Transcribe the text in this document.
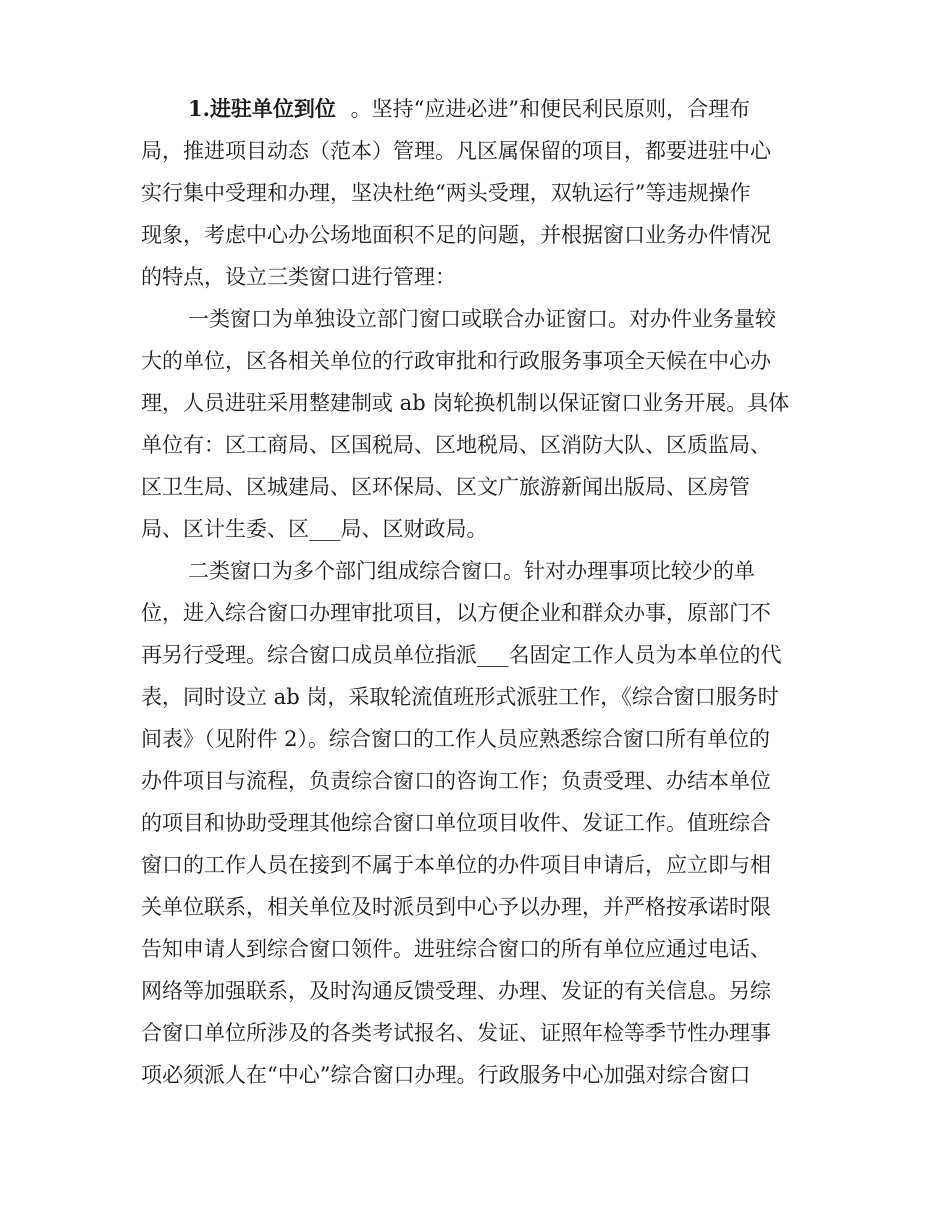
1.进驻单位到位 。坚持“应进必进”和便民利民原则，合理布
局，推进项目动态（范本）管理。凡区属保留的项目，都要进驻中心
实行集中受理和办理，坚决杜绝“两头受理，双轨运行”等违规操作
现象，考虑中心办公场地面积不足的问题，并根据窗口业务办件情况
的特点，设立三类窗口进行管理：
一类窗口为单独设立部门窗口或联合办证窗口。对办件业务量较
大的单位，区各相关单位的行政审批和行政服务事项全天候在中心办
理，人员进驻采用整建制或 ab 岗轮换机制以保证窗口业务开展。具体
单位有：区工商局、区国税局、区地税局、区消防大队、区质监局、
区卫生局、区城建局、区环保局、区文广旅游新闻出版局、区房管
局、区计生委、区___局、区财政局。
二类窗口为多个部门组成综合窗口。针对办理事项比较少的单
位，进入综合窗口办理审批项目，以方便企业和群众办事，原部门不
再另行受理。综合窗口成员单位指派___名固定工作人员为本单位的代
表，同时设立 ab 岗，采取轮流值班形式派驻工作，《综合窗口服务时
间表》（见附件 2）。综合窗口的工作人员应熟悉综合窗口所有单位的
办件项目与流程，负责综合窗口的咨询工作；负责受理、办结本单位
的项目和协助受理其他综合窗口单位项目收件、发证工作。值班综合
窗口的工作人员在接到不属于本单位的办件项目申请后，应立即与相
关单位联系，相关单位及时派员到中心予以办理，并严格按承诺时限
告知申请人到综合窗口领件。进驻综合窗口的所有单位应通过电话、
网络等加强联系，及时沟通反馈受理、办理、发证的有关信息。另综
合窗口单位所涉及的各类考试报名、发证、证照年检等季节性办理事
项必须派人在“中心”综合窗口办理。行政服务中心加强对综合窗口
